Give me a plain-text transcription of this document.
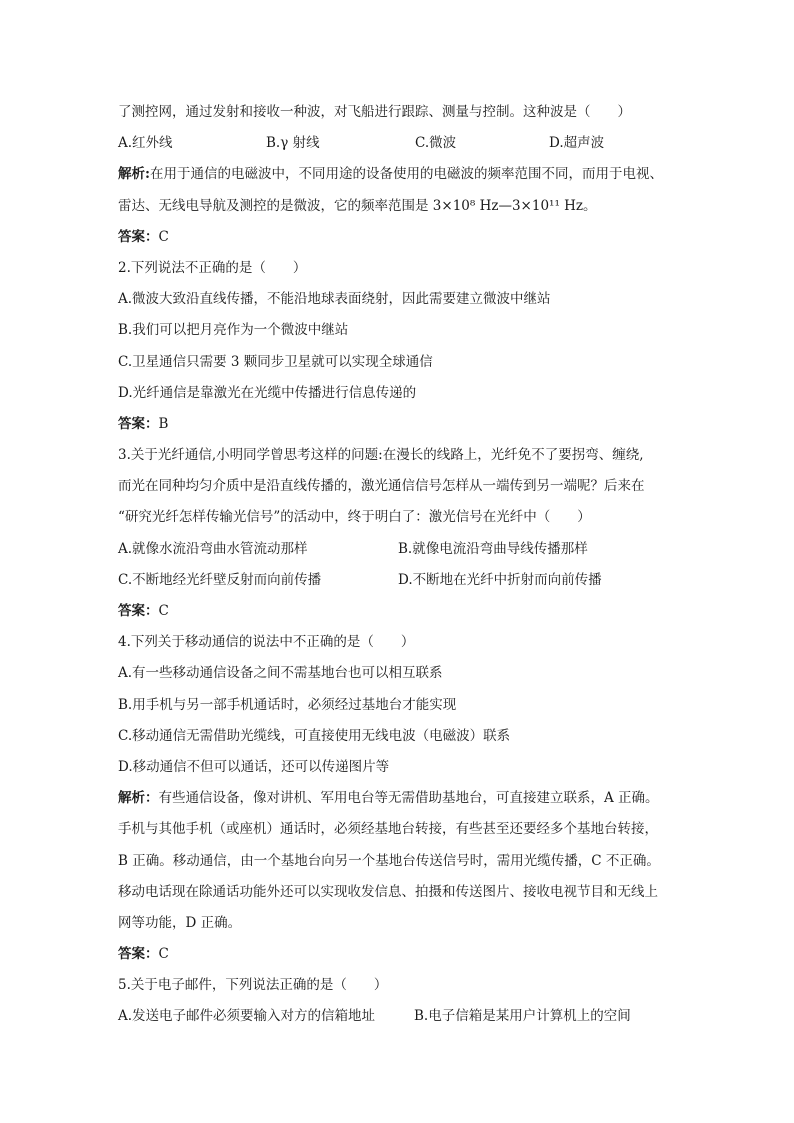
了测控网，通过发射和接收一种波，对飞船进行跟踪、测量与控制。这种波是（　　）
A.红外线	B.γ 射线	C.微波	D.超声波
解析:在用于通信的电磁波中，不同用途的设备使用的电磁波的频率范围不同，而用于电视、
雷达、无线电导航及测控的是微波，它的频率范围是 3×10⁸ Hz—3×10¹¹ Hz。
答案：C
2.下列说法不正确的是（　　）
A.微波大致沿直线传播，不能沿地球表面绕射，因此需要建立微波中继站
B.我们可以把月亮作为一个微波中继站
C.卫星通信只需要 3 颗同步卫星就可以实现全球通信
D.光纤通信是靠激光在光缆中传播进行信息传递的
答案：B
3.关于光纤通信,小明同学曾思考这样的问题:在漫长的线路上，光纤免不了要拐弯、缠绕,
而光在同种均匀介质中是沿直线传播的，激光通信信号怎样从一端传到另一端呢？后来在
“研究光纤怎样传输光信号”的活动中，终于明白了：激光信号在光纤中（　　）
A.就像水流沿弯曲水管流动那样	B.就像电流沿弯曲导线传播那样
C.不断地经光纤壁反射而向前传播	D.不断地在光纤中折射而向前传播
答案：C
4.下列关于移动通信的说法中不正确的是（　　）
A.有一些移动通信设备之间不需基地台也可以相互联系
B.用手机与另一部手机通话时，必须经过基地台才能实现
C.移动通信无需借助光缆线，可直接使用无线电波（电磁波）联系
D.移动通信不但可以通话，还可以传递图片等
解析：有些通信设备，像对讲机、军用电台等无需借助基地台，可直接建立联系，A 正确。
手机与其他手机（或座机）通话时，必须经基地台转接，有些甚至还要经多个基地台转接，
B 正确。移动通信，由一个基地台向另一个基地台传送信号时，需用光缆传播，C 不正确。
移动电话现在除通话功能外还可以实现收发信息、拍摄和传送图片、接收电视节目和无线上
网等功能，D 正确。
答案：C
5.关于电子邮件，下列说法正确的是（　　）
A.发送电子邮件必须要输入对方的信箱地址	B.电子信箱是某用户计算机上的空间
